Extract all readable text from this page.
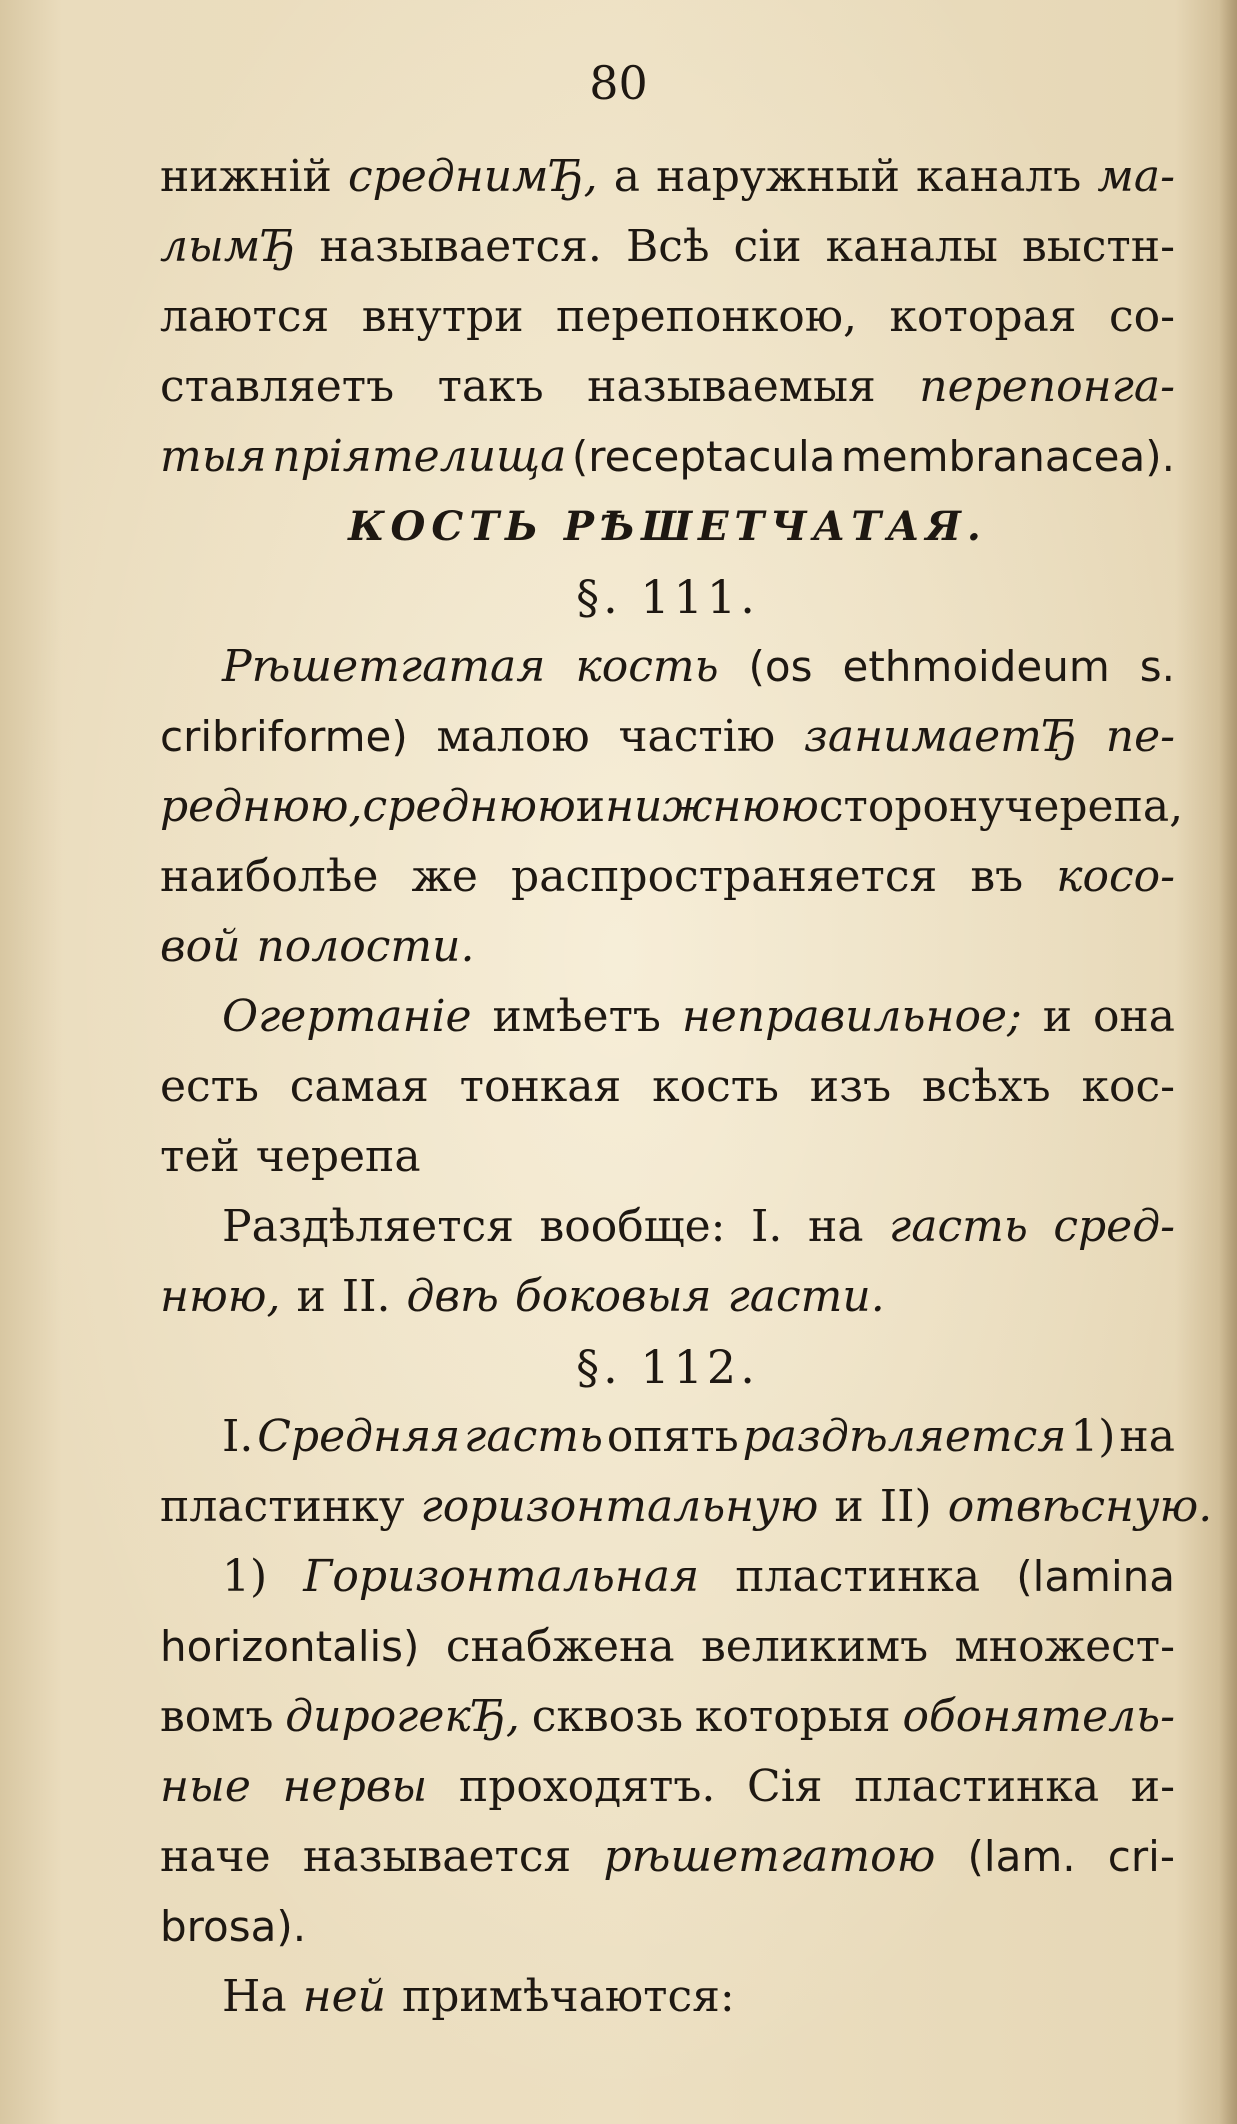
80
нижній среднимЂ, а наружный каналъ ма-
лымЂ называется. Всѣ сіи каналы выстн-
лаются внутри перепонкою, которая со-
ставляетъ такъ называемыя перепонга-
тыя пріятелища (receptacula membranacea).
КОСТЬ РѢШЕТЧАТАЯ.
§. 111.
Рѣшетгатая кость (os ethmoideum s.
cribriforme) малою частію занимаетЂ пе-
реднюю, среднюю и нижнюю сторону черепа,
наиболѣе же распространяется въ косо-
вой полости.
Огертаніе имѣетъ неправильное; и она
есть самая тонкая кость изъ всѣхъ кос-
тей черепа
Раздѣляется вообще: I. на гасть сред-
нюю, и II. двѣ боковыя гасти.
§. 112.
I. Средняя гасть опять раздѣляется 1) на
пластинку горизонтальную и II) отвѣсную.
1) Горизонтальная пластинка (lamina
horizontalis) снабжена великимъ множест-
вомъ дирогекЂ, сквозь которыя обонятель-
ные нервы проходятъ. Сія пластинка и-
наче называется рѣшетгатою (lam. cri-
brosa).
На ней примѣчаются:
